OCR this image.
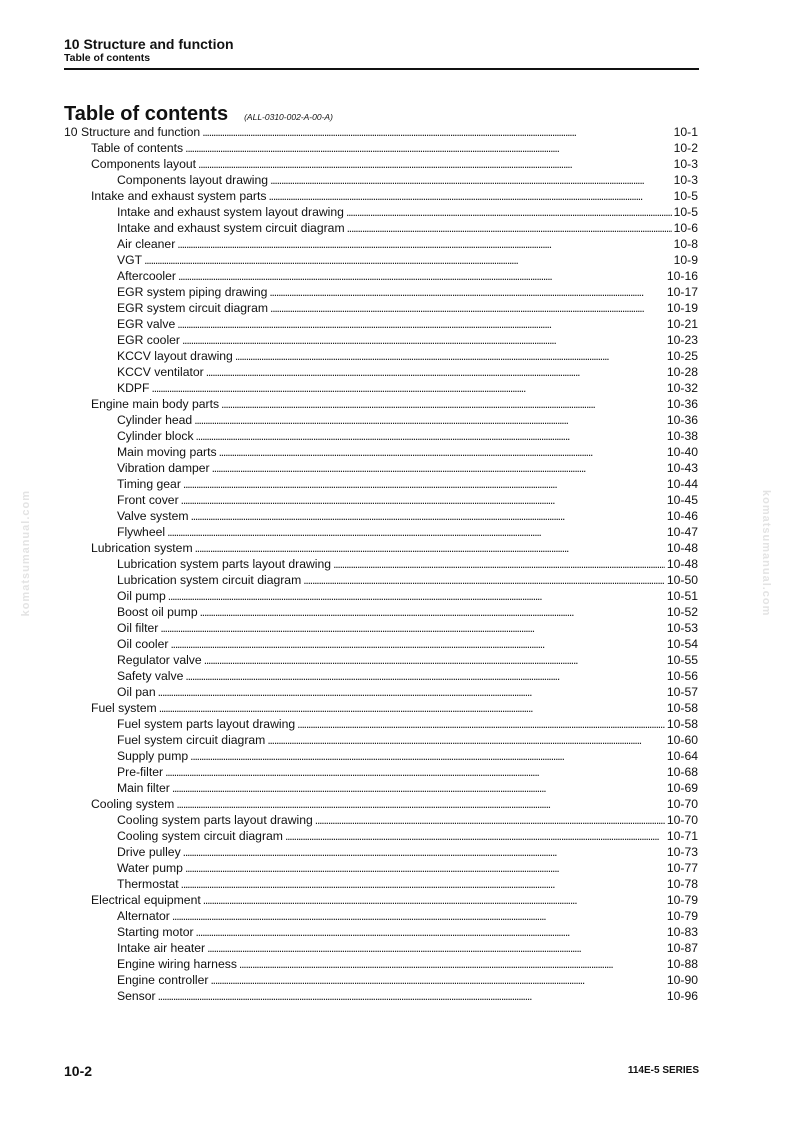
10 Structure and function
Table of contents
Table of contents (ALL-0310-002-A-00-A)
10 Structure and function . . .	10-1
Table of contents . . .	10-2
Components layout . . .	10-3
Components layout drawing . . .	10-3
Intake and exhaust system parts . . .	10-5
Intake and exhaust system layout drawing . . .	10-5
Intake and exhaust system circuit diagram . . .	10-6
Air cleaner . . .	10-8
VGT . . .	10-9
Aftercooler . . .	10-16
EGR system piping drawing . . .	10-17
EGR system circuit diagram . . .	10-19
EGR valve . . .	10-21
EGR cooler . . .	10-23
KCCV layout drawing . . .	10-25
KCCV ventilator . . .	10-28
KDPF . . .	10-32
Engine main body parts . . .	10-36
Cylinder head . . .	10-36
Cylinder block . . .	10-38
Main moving parts . . .	10-40
Vibration damper . . .	10-43
Timing gear . . .	10-44
Front cover . . .	10-45
Valve system . . .	10-46
Flywheel . . .	10-47
Lubrication system . . .	10-48
Lubrication system parts layout drawing . . .	10-48
Lubrication system circuit diagram . . .	10-50
Oil pump . . .	10-51
Boost oil pump . . .	10-52
Oil filter . . .	10-53
Oil cooler . . .	10-54
Regulator valve . . .	10-55
Safety valve . . .	10-56
Oil pan . . .	10-57
Fuel system . . .	10-58
Fuel system parts layout drawing . . .	10-58
Fuel system circuit diagram . . .	10-60
Supply pump . . .	10-64
Pre-filter . . .	10-68
Main filter . . .	10-69
Cooling system . . .	10-70
Cooling system parts layout drawing . . .	10-70
Cooling system circuit diagram . . .	10-71
Drive pulley . . .	10-73
Water pump . . .	10-77
Thermostat . . .	10-78
Electrical equipment . . .	10-79
Alternator . . .	10-79
Starting motor . . .	10-83
Intake air heater . . .	10-87
Engine wiring harness . . .	10-88
Engine controller . . .	10-90
Sensor . . .	10-96
komatsumanual.com	komatsumanual.com
10-2	114E-5 SERIES
